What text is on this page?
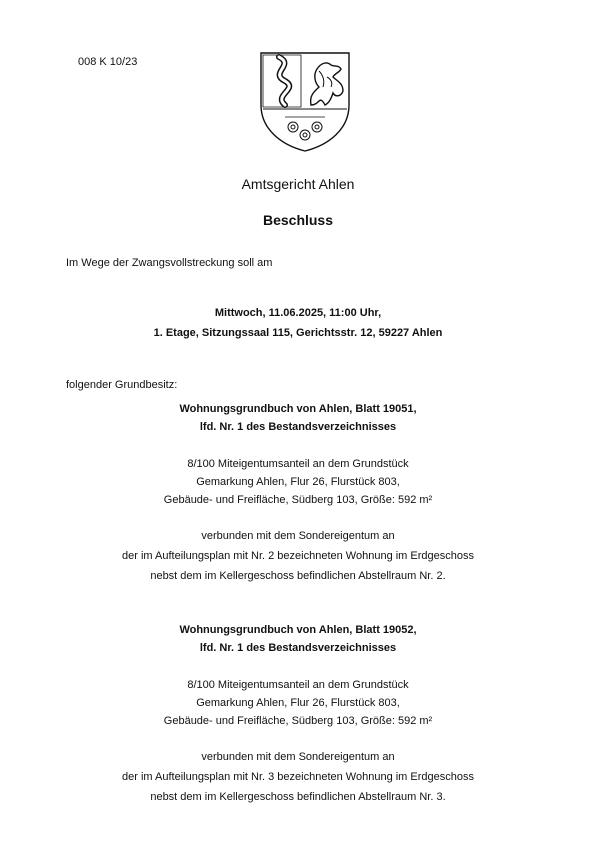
008 K 10/23
Amtsgericht Ahlen
Beschluss
Im Wege der Zwangsvollstreckung soll am
Mittwoch, 11.06.2025, 11:00 Uhr,
1. Etage, Sitzungssaal 115, Gerichtsstr. 12, 59227 Ahlen
folgender Grundbesitz:
Wohnungsgrundbuch von Ahlen, Blatt 19051,
lfd. Nr. 1 des Bestandsverzeichnisses
8/100 Miteigentumsanteil an dem Grundstück
Gemarkung Ahlen, Flur 26, Flurstück 803,
Gebäude- und Freifläche, Südberg 103, Größe: 592 m²
verbunden mit dem Sondereigentum an
der im Aufteilungsplan mit Nr. 2 bezeichneten Wohnung im Erdgeschoss
nebst dem im Kellergeschoss befindlichen Abstellraum Nr. 2.
Wohnungsgrundbuch von Ahlen, Blatt 19052,
lfd. Nr. 1 des Bestandsverzeichnisses
8/100 Miteigentumsanteil an dem Grundstück
Gemarkung Ahlen, Flur 26, Flurstück 803,
Gebäude- und Freifläche, Südberg 103, Größe: 592 m²
verbunden mit dem Sondereigentum an
der im Aufteilungsplan mit Nr. 3 bezeichneten Wohnung im Erdgeschoss
nebst dem im Kellergeschoss befindlichen Abstellraum Nr. 3.
